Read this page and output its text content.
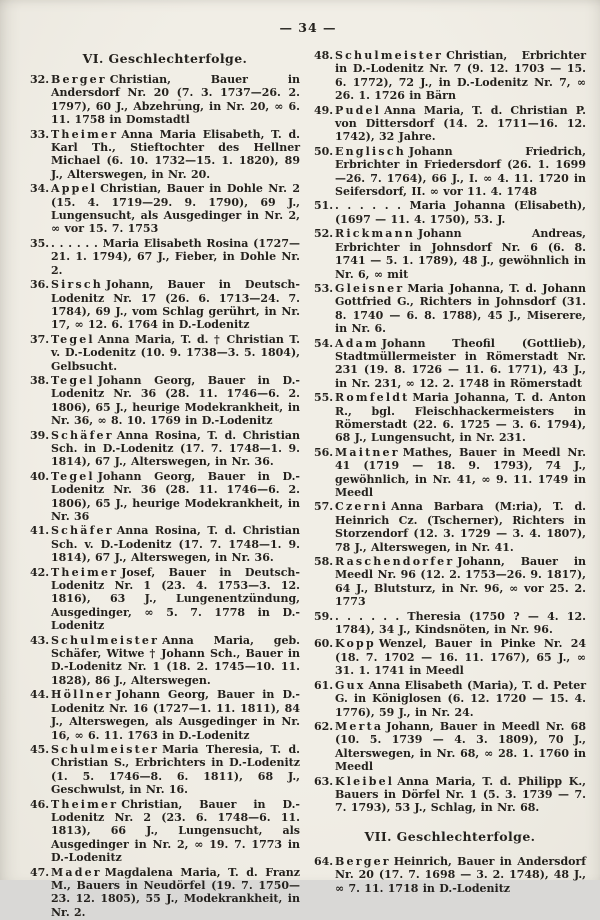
— 34 —
VI. Geschlechterfolge.
32. Berger Christian, Bauer in Andersdorf Nr. 20 (7. 3. 1737—26. 2. 1797), 60 J., Abzehrung, in Nr. 20, ∞ 6. 11. 1758 in Domstadtl
33. Theimer Anna Maria Elisabeth, T. d. Karl Th., Stieftochter des Hellner Michael (6. 10. 1732—15. 1. 1820), 89 J., Alterswegen, in Nr. 20.
34. Appel Christian, Bauer in Dohle Nr. 2 (15. 4. 1719—29. 9. 1790), 69 J., Lungensucht, als Ausgedinger in Nr. 2, ∞ vor 15. 7. 1753
35. . . . . . . Maria Elisabeth Rosina (1727—21. 1. 1794), 67 J., Fieber, in Dohle Nr. 2.
36. Sirsch Johann, Bauer in Deutsch-Lodenitz Nr. 17 (26. 6. 1713—24. 7. 1784), 69 J., vom Schlag gerührt, in Nr. 17, ∞ 12. 6. 1764 in D.-Lodenitz
37. Tegel Anna Maria, T. d. † Christian T. v. D.-Lodenitz (10. 9. 1738—3. 5. 1804), Gelbsucht.
38. Tegel Johann Georg, Bauer in D.-Lodenitz Nr. 36 (28. 11. 1746—6. 2. 1806), 65 J., heurige Modekrankheit, in Nr. 36, ∞ 8. 10. 1769 in D.-Lodenitz
39. Schäfer Anna Rosina, T. d. Christian Sch. in D.-Lodenitz (17. 7. 1748—1. 9. 1814), 67 J., Alterswegen, in Nr. 36.
40. Tegel Johann Georg, Bauer in D.-Lodenitz Nr. 36 (28. 11. 1746—6. 2. 1806), 65 J., heurige Modekrankheit, in Nr. 36
41. Schäfer Anna Rosina, T. d. Christian Sch. v. D.-Lodenitz (17. 7. 1748—1. 9. 1814), 67 J., Alterswegen, in Nr. 36.
42. Theimer Josef, Bauer in Deutsch-Lodenitz Nr. 1 (23. 4. 1753—3. 12. 1816), 63 J., Lungenentzündung, Ausgedinger, ∞ 5. 7. 1778 in D.-Lodenitz
43. Schulmeister Anna Maria, geb. Schäfer, Witwe † Johann Sch., Bauer in D.-Lodenitz Nr. 1 (18. 2. 1745—10. 11. 1828), 86 J., Alterswegen.
44. Höllner Johann Georg, Bauer in D.-Lodenitz Nr. 16 (1727—1. 11. 1811), 84 J., Alterswegen, als Ausgedinger in Nr. 16, ∞ 6. 11. 1763 in D.-Lodenitz
45. Schulmeister Maria Theresia, T. d. Christian S., Erbrichters in D.-Lodenitz (1. 5. 1746—8. 6. 1811), 68 J., Geschwulst, in Nr. 16.
46. Theimer Christian, Bauer in D.-Lodenitz Nr. 2 (23. 6. 1748—6. 11. 1813), 66 J., Lungensucht, als Ausgedinger in Nr. 2, ∞ 19. 7. 1773 in D.-Lodenitz
47. Mader Magdalena Maria, T. d. Franz M., Bauers in Neudörfel (19. 7. 1750—23. 12. 1805), 55 J., Modekrankheit, in Nr. 2.
48. Schulmeister Christian, Erbrichter in D.-Lodenitz Nr. 7 (9. 12. 1703 — 15. 6. 1772), 72 J., in D.-Lodenitz Nr. 7, ∞ 26. 1. 1726 in Bärn
49. Pudel Anna Maria, T. d. Christian P. von Dittersdorf (14. 2. 1711—16. 12. 1742), 32 Jahre.
50. Englisch Johann Friedrich, Erbrichter in Friedersdorf (26. 1. 1699—26. 7. 1764), 66 J., I. ∞ 4. 11. 1720 in Seifersdorf, II. ∞ vor 11. 4. 1748
51. . . . . . . Maria Johanna (Elisabeth), (1697 — 11. 4. 1750), 53. J.
52. Rickmann Johann Andreas, Erbrichter in Johnsdorf Nr. 6 (6. 8. 1741 — 5. 1. 1789), 48 J., gewöhnlich in Nr. 6, ∞ mit
53. Gleisner Maria Johanna, T. d. Johann Gottfried G., Richters in Johnsdorf (31. 8. 1740 — 6. 8. 1788), 45 J., Miserere, in Nr. 6.
54. Adam Johann Theofil (Gottlieb), Stadtmüllermeister in Römerstadt Nr. 231 (19. 8. 1726 — 11. 6. 1771), 43 J., in Nr. 231, ∞ 12. 2. 1748 in Römerstadt
55. Romfeldt Maria Johanna, T. d. Anton R., bgl. Fleischhackermeisters in Römerstadt (22. 6. 1725 — 3. 6. 1794), 68 J., Lungensucht, in Nr. 231.
56. Maitner Mathes, Bauer in Meedl Nr. 41 (1719 — 18. 9. 1793), 74 J., gewöhnlich, in Nr. 41, ∞ 9. 11. 1749 in Meedl
57. Czerni Anna Barbara (M:ria), T. d. Heinrich Cz. (Tscherner), Richters in Storzendorf (12. 3. 1729 — 3. 4. 1807), 78 J., Alterswegen, in Nr. 41.
58. Raschendorfer Johann, Bauer in Meedl Nr. 96 (12. 2. 1753—26. 9. 1817), 64 J., Blutsturz, in Nr. 96, ∞ vor 25. 2. 1773
59. . . . . . . Theresia (1750 ? — 4. 12. 1784), 34 J., Kindsnöten, in Nr. 96.
60. Kopp Wenzel, Bauer in Pinke Nr. 24 (18. 7. 1702 — 16. 11. 1767), 65 J., ∞ 31. 1. 1741 in Meedl
61. Gux Anna Elisabeth (Maria), T. d. Peter G. in Königlosen (6. 12. 1720 — 15. 4. 1776), 59 J., in Nr. 24.
62. Merta Johann, Bauer in Meedl Nr. 68 (10. 5. 1739 — 4. 3. 1809), 70 J., Alterswegen, in Nr. 68, ∞ 28. 1. 1760 in Meedl
63. Kleibel Anna Maria, T. d. Philipp K., Bauers in Dörfel Nr. 1 (5. 3. 1739 — 7. 7. 1793), 53 J., Schlag, in Nr. 68.
VII. Geschlechterfolge.
64. Berger Heinrich, Bauer in Andersdorf Nr. 20 (17. 7. 1698 — 3. 2. 1748), 48 J., ∞ 7. 11. 1718 in D.-Lodenitz
